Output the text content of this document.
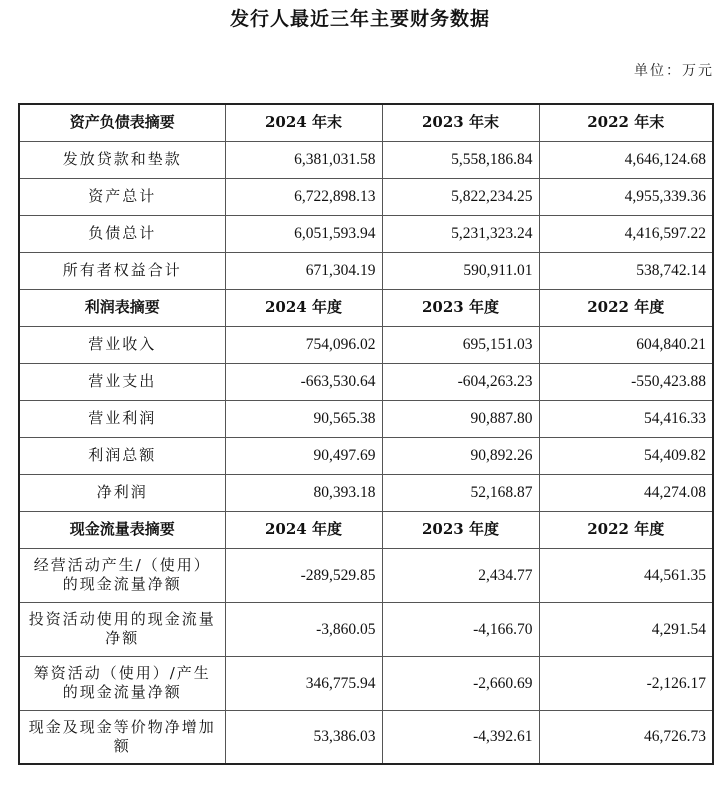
发行人最近三年主要财务数据
单位：万元
资产负债表摘要	2024 年末	2023 年末	2022 年末
发放贷款和垫款	6,381,031.58	5,558,186.84	4,646,124.68
资产总计	6,722,898.13	5,822,234.25	4,955,339.36
负债总计	6,051,593.94	5,231,323.24	4,416,597.22
所有者权益合计	671,304.19	590,911.01	538,742.14
利润表摘要	2024 年度	2023 年度	2022 年度
营业收入	754,096.02	695,151.03	604,840.21
营业支出	-663,530.64	-604,263.23	-550,423.88
营业利润	90,565.38	90,887.80	54,416.33
利润总额	90,497.69	90,892.26	54,409.82
净利润	80,393.18	52,168.87	44,274.08
现金流量表摘要	2024 年度	2023 年度	2022 年度
经营活动产生/（使用）的现金流量净额	-289,529.85	2,434.77	44,561.35
投资活动使用的现金流量净额	-3,860.05	-4,166.70	4,291.54
筹资活动（使用）/产生的现金流量净额	346,775.94	-2,660.69	-2,126.17
现金及现金等价物净增加额	53,386.03	-4,392.61	46,726.73
